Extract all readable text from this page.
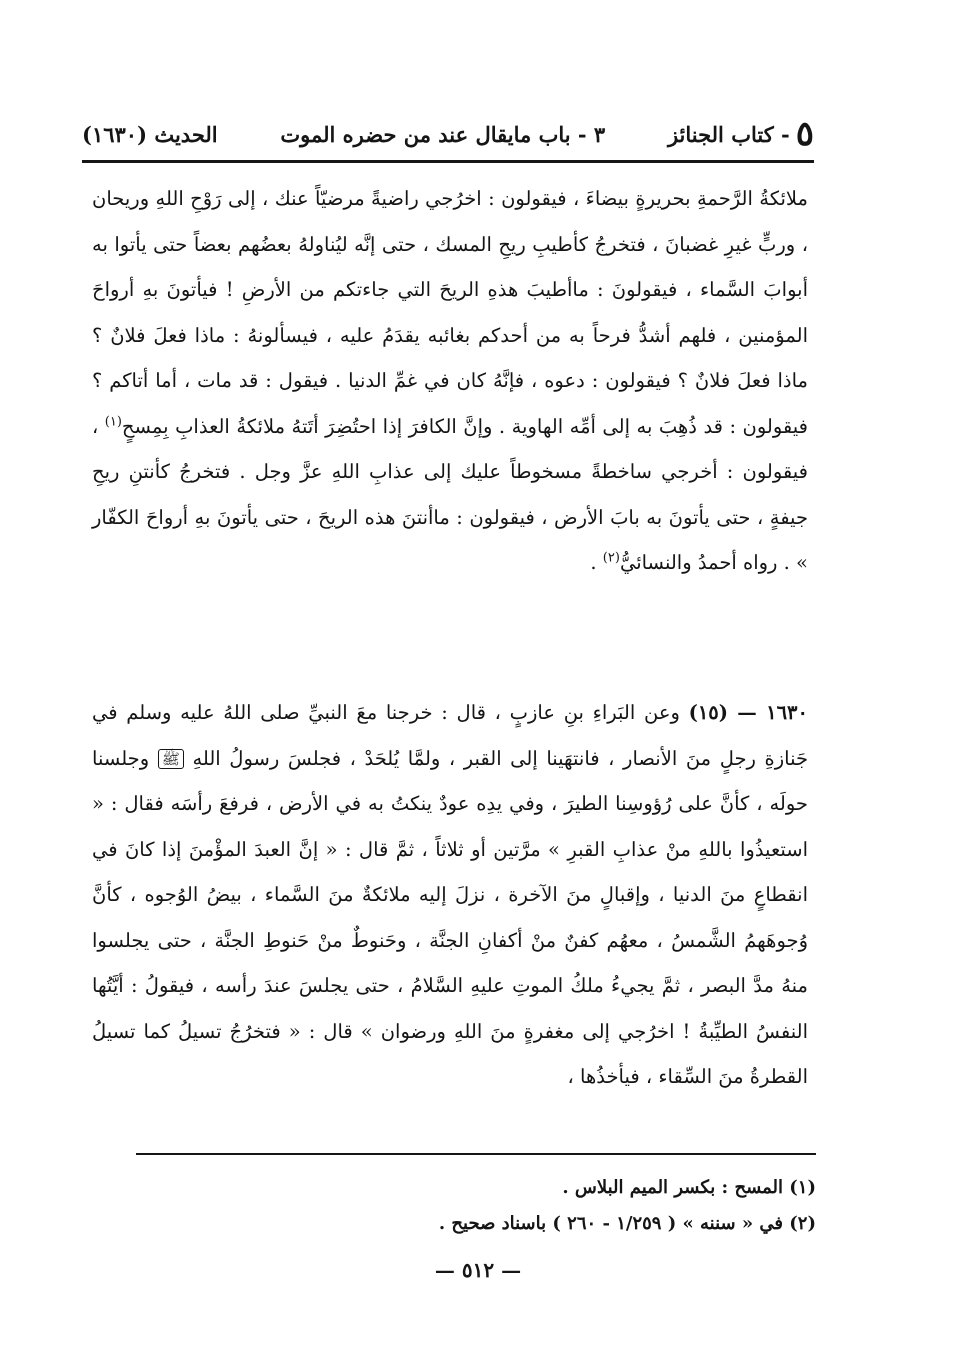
٥
- كتاب الجنائز
٣ - باب مايقال عند من حضره الموت
الحديث (١٦٣٠)

ملائكةُ الرَّحمةِ بحريرةٍ بيضاءَ ، فيقولون : اخرُجي راضيةً مرضيّاً عنك ، إلى رَوْحِ اللهِ وريحان ، وربٍّ غيرِ غضبانَ ، فتخرجُ كأطيبِ ريحِ المسك ، حتى إنَّه ليُناولهُ بعضُهم بعضاً حتى يأتوا به أبوابَ السَّماء ، فيقولونَ : ماأطيبَ هذهِ الريحَ التي جاءتكم من الأرضِ ! فيأتونَ بهِ أرواحَ المؤمنين ، فلهم أشدُّ فرحاً به من أحدكم بغائبه يقدَمُ عليه ، فيسألونهُ : ماذا فعلَ فلانٌ ؟ ماذا فعلَ فلانٌ ؟ فيقولون : دعوه ، فإنَّهُ كان في غمِّ الدنيا . فيقول : قد مات ، أما أتاكم ؟ فيقولون : قد ذُهِبَ به إلى أمِّه الهاوية . وإنَّ الكافرَ إذا احتُضِرَ أتَتهُ ملائكةُ العذابِ بِمِسحٍ$^{(١)}$ ، فيقولون : أخرجي ساخطةً مسخوطاً عليك إلى عذابِ اللهِ عزَّ وجل . فتخرجُ كأنتنِ ريحِ جيفةٍ ، حتى يأتونَ به بابَ الأرض ، فيقولون : ماأنتنَ هذه الريحَ ، حتى يأتونَ بهِ أرواحَ الكفّار » . رواه أحمدُ والنسائيُّ$^{(٢)}$ .

١٦٣٠ — (١٥) وعن البَراءِ بنِ عازبٍ ، قال : خرجنا معَ النبيِّ صلى اللهُ عليه وسلم في جَنازةِ رجلٍ منَ الأنصار ، فانتهَينا إلى القبر ، ولمَّا يُلحَدْ ، فجلسَ رسولُ اللهِ ﷺ وجلسنا حولَه ، كأنَّ على رُؤوسِنا الطيرَ ، وفي يدِه عودٌ ينكتُ به في الأرض ، فرفعَ رأسَه فقال : « استعيذُوا باللهِ منْ عذابِ القبرِ » مرَّتين أو ثلاثاً ، ثمَّ قال : « إنَّ العبدَ المؤْمنَ إذا كانَ في انقطاعٍ منَ الدنيا ، وإقبالٍ منَ الآخرة ، نزلَ إليه ملائكةٌ منَ السَّماء ، بيضُ الوُجوه ، كأنَّ وُجوهَهمُ الشَّمسُ ، معهُم كفنٌ منْ أكفانِ الجنَّة ، وحَنوطٌ منْ حَنوطِ الجنَّة ، حتى يجلسوا منهُ مدَّ البصر ، ثمَّ يجيءُ ملكُ الموتِ عليهِ السَّلامُ ، حتى يجلسَ عندَ رأسه ، فيقولُ : أيَّتُها النفسُ الطيِّبةُ ! اخرُجي إلى مغفرةٍ منَ اللهِ ورضوان » قال : « فتخرُجُ تسيلُ كما تسيلُ القطرةُ منَ السِّقاء ، فيأخذُها ،

(١) المسح : بكسر الميم البلاس .
(٢) في « سننه » ( ١/٢٥٩ - ٢٦٠ ) باسناد صحيح .
— ٥١٢ —
